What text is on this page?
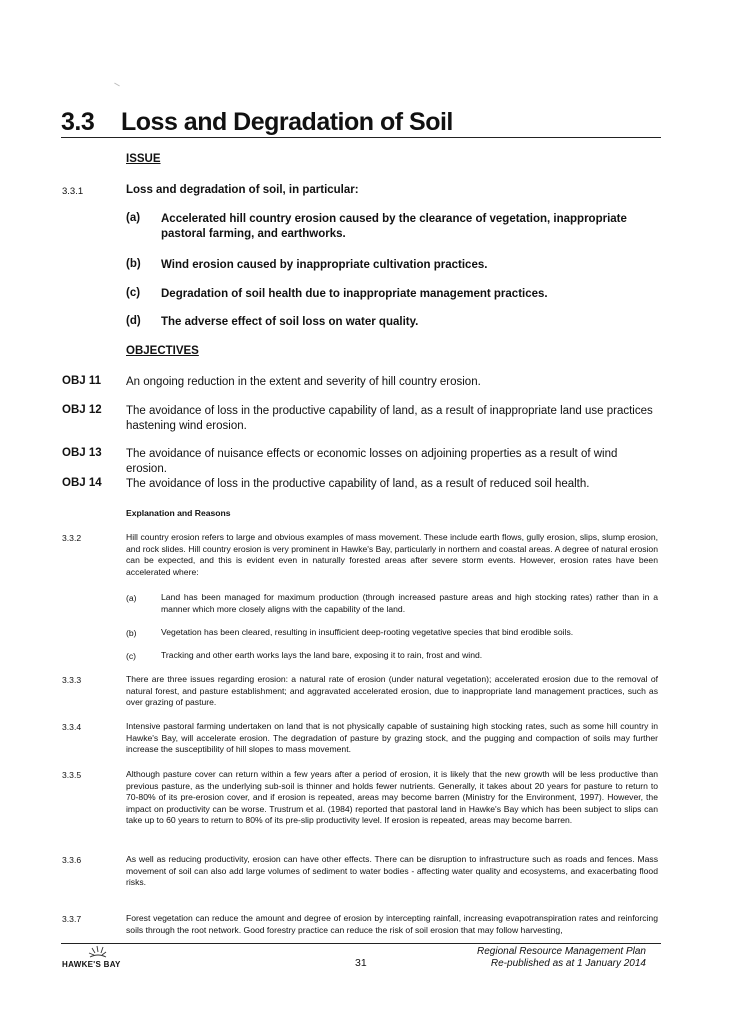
3.3 Loss and Degradation of Soil
ISSUE
3.3.1	Loss and degradation of soil, in particular:
(a) Accelerated hill country erosion caused by the clearance of vegetation, inappropriate pastoral farming, and earthworks.
(b) Wind erosion caused by inappropriate cultivation practices.
(c) Degradation of soil health due to inappropriate management practices.
(d) The adverse effect of soil loss on water quality.
OBJECTIVES
OBJ 11 An ongoing reduction in the extent and severity of hill country erosion.
OBJ 12 The avoidance of loss in the productive capability of land, as a result of inappropriate land use practices hastening wind erosion.
OBJ 13 The avoidance of nuisance effects or economic losses on adjoining properties as a result of wind erosion.
OBJ 14 The avoidance of loss in the productive capability of land, as a result of reduced soil health.
Explanation and Reasons
3.3.2	Hill country erosion refers to large and obvious examples of mass movement. These include earth flows, gully erosion, slips, slump erosion, and rock slides. Hill country erosion is very prominent in Hawke's Bay, particularly in northern and coastal areas. A degree of natural erosion can be expected, and this is evident even in naturally forested areas after severe storm events. However, erosion rates have been accelerated where:
(a)	Land has been managed for maximum production (through increased pasture areas and high stocking rates) rather than in a manner which more closely aligns with the capability of the land.
(b)	Vegetation has been cleared, resulting in insufficient deep-rooting vegetative species that bind erodible soils.
(c)	Tracking and other earth works lays the land bare, exposing it to rain, frost and wind.
3.3.3	There are three issues regarding erosion: a natural rate of erosion (under natural vegetation); accelerated erosion due to the removal of natural forest, and pasture establishment; and aggravated accelerated erosion, due to inappropriate land management practices, such as over grazing of pasture.
3.3.4	Intensive pastoral farming undertaken on land that is not physically capable of sustaining high stocking rates, such as some hill country in Hawke's Bay, will accelerate erosion. The degradation of pasture by grazing stock, and the pugging and compaction of soils may further increase the susceptibility of hill slopes to mass movement.
3.3.5	Although pasture cover can return within a few years after a period of erosion, it is likely that the new growth will be less productive than previous pasture, as the underlying sub-soil is thinner and holds fewer nutrients. Generally, it takes about 20 years for pasture to return to 70-80% of its pre-erosion cover, and if erosion is repeated, areas may become barren (Ministry for the Environment, 1997). However, the impact on productivity can be worse. Trustrum et al. (1984) reported that pastoral land in Hawke's Bay which has been subject to slips can take up to 60 years to return to 80% of its pre-slip productivity level. If erosion is repeated, areas may become barren.
3.3.6	As well as reducing productivity, erosion can have other effects. There can be disruption to infrastructure such as roads and fences. Mass movement of soil can also add large volumes of sediment to water bodies - affecting water quality and ecosystems, and exacerbating flood risks.
3.3.7	Forest vegetation can reduce the amount and degree of erosion by intercepting rainfall, increasing evapotranspiration rates and reinforcing soils through the root network. Good forestry practice can reduce the risk of soil erosion that may follow harvesting,
HAWKE'S BAY	31
Regional Resource Management Plan
Re-published as at 1 January 2014
